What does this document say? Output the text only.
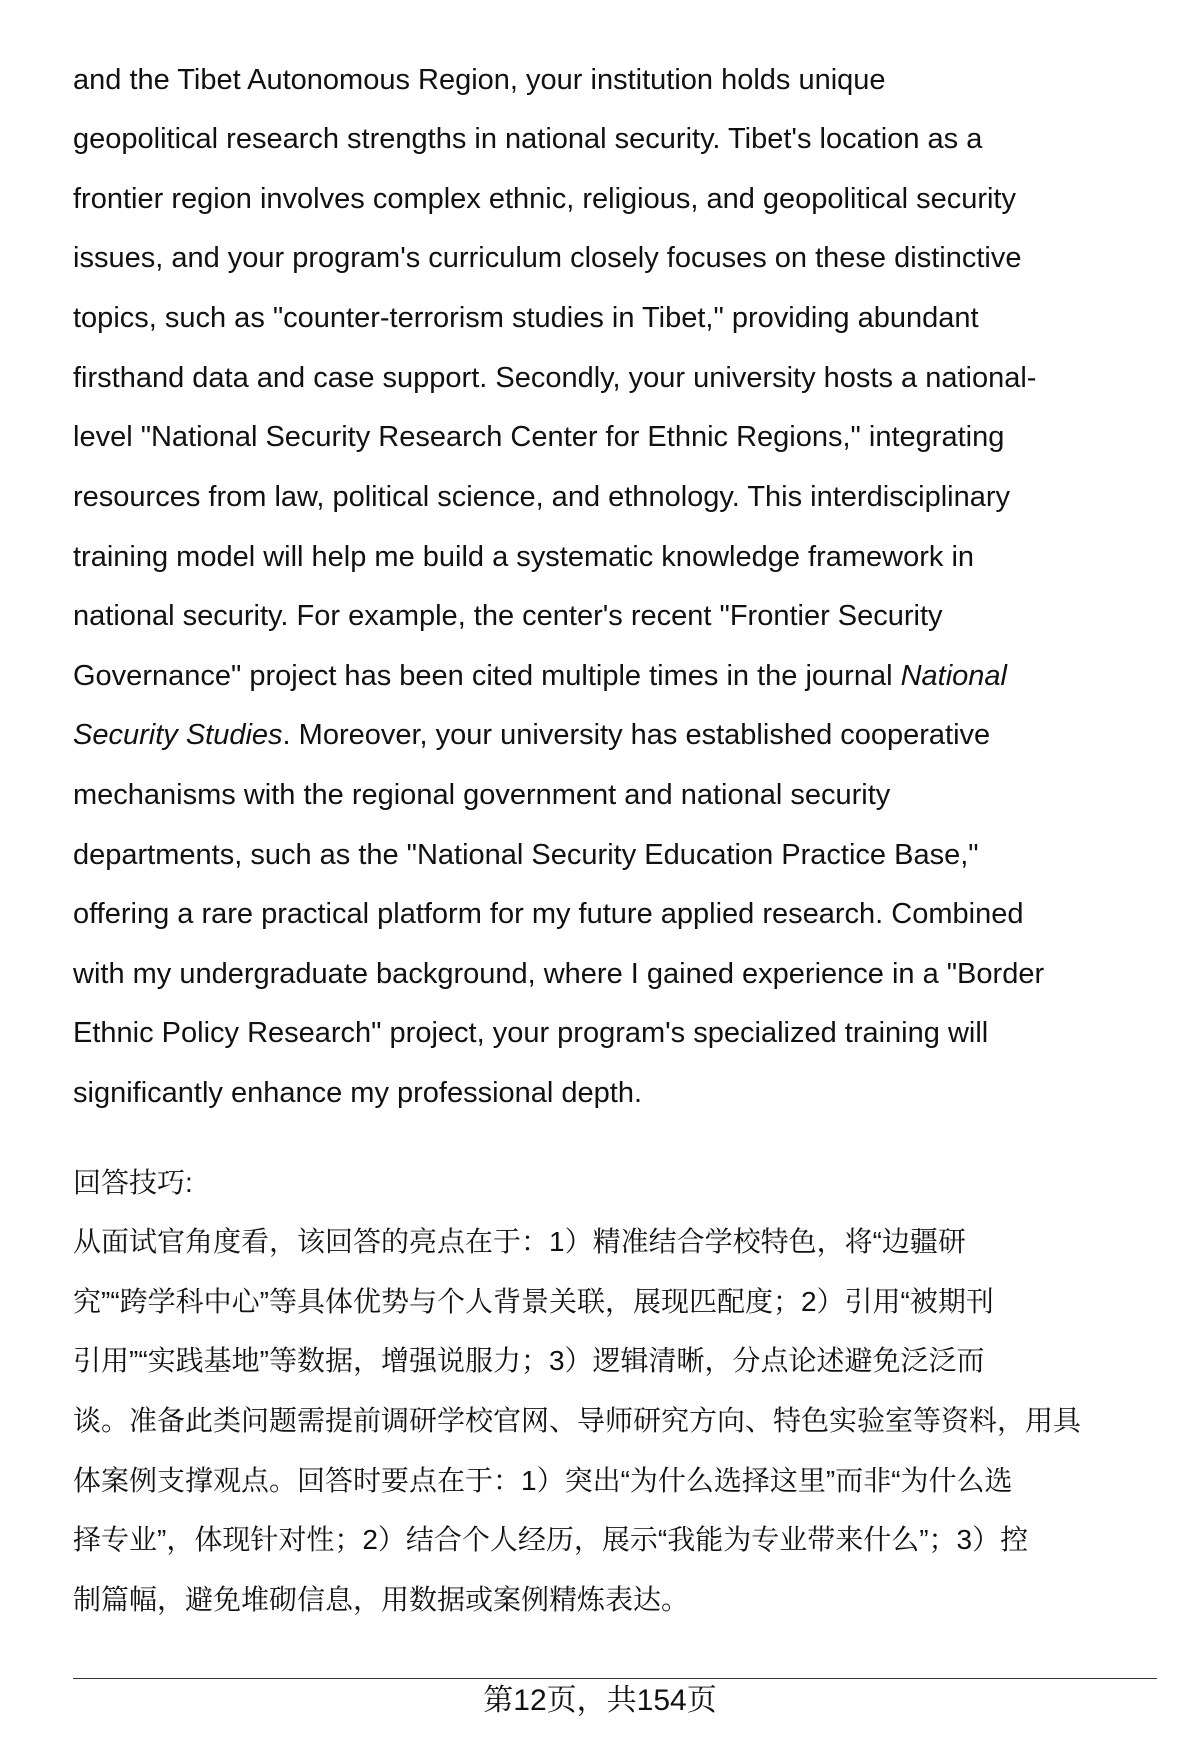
and the Tibet Autonomous Region, your institution holds unique
geopolitical research strengths in national security. Tibet's location as a
frontier region involves complex ethnic, religious, and geopolitical security
issues, and your program's curriculum closely focuses on these distinctive
topics, such as "counter-terrorism studies in Tibet," providing abundant
firsthand data and case support. Secondly, your university hosts a national-
level "National Security Research Center for Ethnic Regions," integrating
resources from law, political science, and ethnology. This interdisciplinary
training model will help me build a systematic knowledge framework in
national security. For example, the center's recent "Frontier Security
Governance" project has been cited multiple times in the journal National
Security Studies. Moreover, your university has established cooperative
mechanisms with the regional government and national security
departments, such as the "National Security Education Practice Base,"
offering a rare practical platform for my future applied research. Combined
with my undergraduate background, where I gained experience in a "Border
Ethnic Policy Research" project, your program's specialized training will
significantly enhance my professional depth.
回答技巧:
从面试官角度看，该回答的亮点在于：1）精准结合学校特色，将“边疆研
究”“跨学科中心”等具体优势与个人背景关联，展现匹配度；2）引用“被期刊
引用”“实践基地”等数据，增强说服力；3）逻辑清晰，分点论述避免泛泛而
谈。准备此类问题需提前调研学校官网、导师研究方向、特色实验室等资料，用具
体案例支撑观点。回答时要点在于：1）突出“为什么选择这里”而非“为什么选
择专业”，体现针对性；2）结合个人经历，展示“我能为专业带来什么”；3）控
制篇幅，避免堆砌信息，用数据或案例精炼表达。
第12页，共154页
